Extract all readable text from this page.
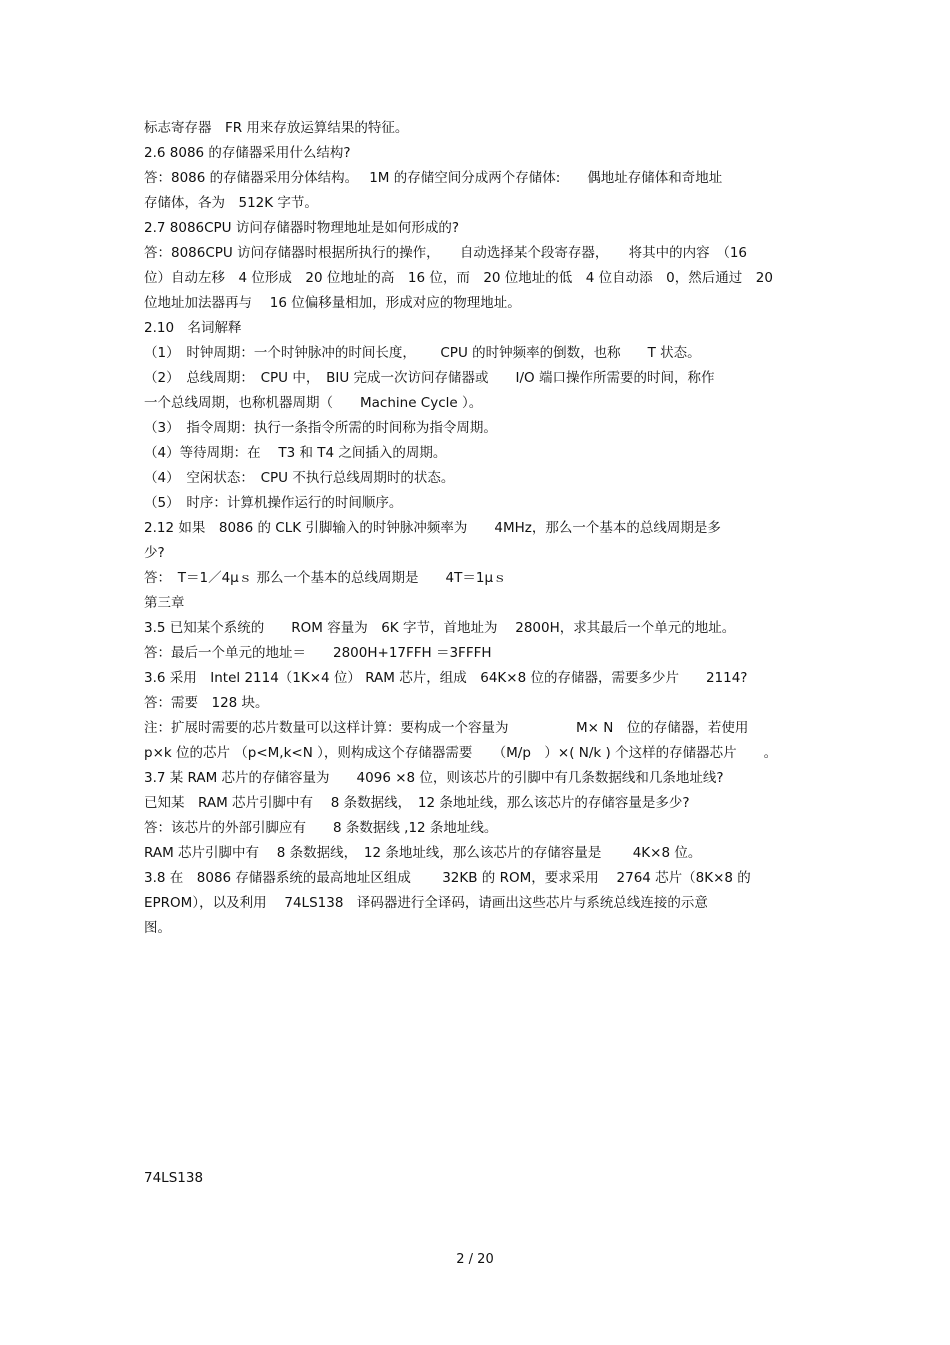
标志寄存器　FR 用来存放运算结果的特征。
2.6 8086 的存储器采用什么结构?
答：8086 的存储器采用分体结构。　 1M 的存储空间分成两个存储体:　　偶地址存储体和奇地址
存储体，各为　512K 字节。
2.7 8086CPU 访问存储器时物理地址是如何形成的?
答：8086CPU 访问存储器时根据所执行的操作，　　自动选择某个段寄存器，　　将其中的内容　（16
位）自动左移　4 位形成　20 位地址的高　16 位，而　20 位地址的低　4 位自动添　0，然后通过　20
位地址加法器再与　 16 位偏移量相加，形成对应的物理地址。
2.10　名词解释
（1）　时钟周期：一个时钟脉冲的时间长度，　　 CPU 的时钟频率的倒数，也称　　T 状态。
（2）　总线周期：　CPU 中，　BIU 完成一次访问存储器或　　I/O 端口操作所需要的时间，称作
一个总线周期，也称机器周期（　　Machine Cycle ）。
（3）　指令周期：执行一条指令所需的时间称为指令周期。
（4）等待周期：在　 T3 和 T4 之间插入的周期。
（4）　空闲状态：　CPU 不执行总线周期时的状态。
（5）　时序：计算机操作运行的时间顺序。
2.12 如果　8086 的 CLK 引脚输入的时钟脉冲频率为　　4MHz，那么一个基本的总线周期是多
少?
答：　T＝1／4μｓ 那么一个基本的总线周期是　　4T＝1μｓ
第三章
3.5 已知某个系统的　　ROM 容量为　6K 字节，首地址为　 2800H，求其最后一个单元的地址。
答：最后一个单元的地址＝　　2800H+17FFH ＝3FFFH
3.6 采用　Intel 2114（1K×4 位） RAM 芯片，组成　64K×8 位的存储器，需要多少片　　2114?
答：需要　128 块。
注：扩展时需要的芯片数量可以这样计算：要构成一个容量为　　　　　M× N　位的存储器，若使用
p×k 位的芯片 （p<M,k<N ），则构成这个存储器需要　　（M/p　）×( N/k ) 个这样的存储器芯片　　。
3.7 某 RAM 芯片的存储容量为　　4096 ×8 位，则该芯片的引脚中有几条数据线和几条地址线?
已知某　RAM 芯片引脚中有　 8 条数据线，　12 条地址线，那么该芯片的存储容量是多少?
答：该芯片的外部引脚应有　　8 条数据线 ,12 条地址线。
RAM 芯片引脚中有　 8 条数据线，　12 条地址线，那么该芯片的存储容量是　　 4K×8 位。
3.8 在　8086 存储器系统的最高地址区组成　　 32KB 的 ROM，要求采用　 2764 芯片（8K×8 的
EPROM），以及利用　 74LS138　译码器进行全译码，请画出这些芯片与系统总线连接的示意
图。
74LS138
2 / 20
